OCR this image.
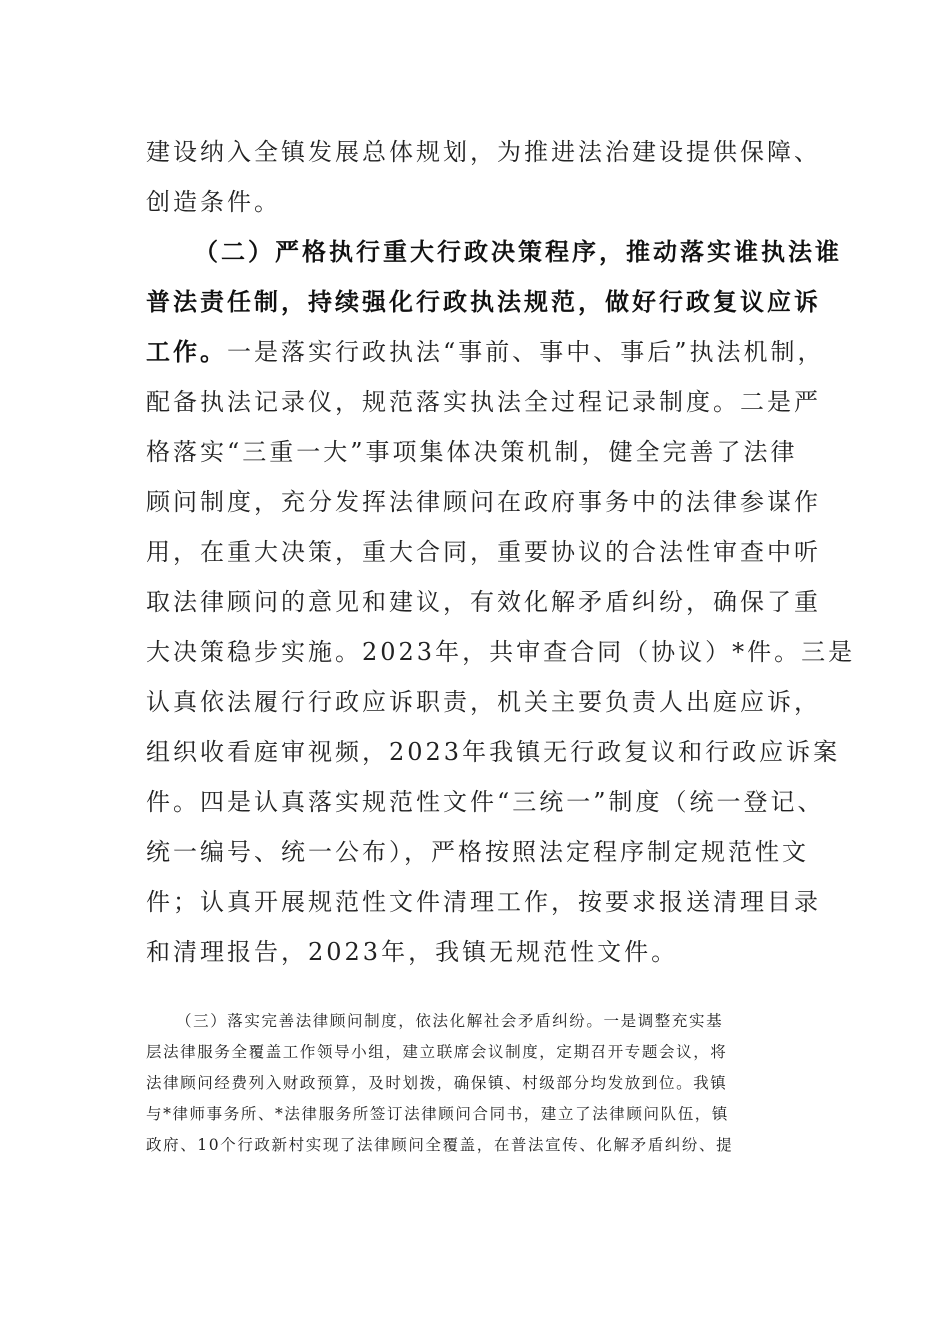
建设纳入全镇发展总体规划，为推进法治建设提供保障、
创造条件。
（二）严格执行重大行政决策程序，推动落实谁执法谁
普法责任制，持续强化行政执法规范，做好行政复议应诉
工作。一是落实行政执法“事前、事中、事后”执法机制，
配备执法记录仪，规范落实执法全过程记录制度。二是严
格落实“三重一大”事项集体决策机制，健全完善了法律
顾问制度，充分发挥法律顾问在政府事务中的法律参谋作
用，在重大决策，重大合同，重要协议的合法性审查中听
取法律顾问的意见和建议，有效化解矛盾纠纷，确保了重
大决策稳步实施。2023年，共审查合同（协议）*件。三是
认真依法履行行政应诉职责，机关主要负责人出庭应诉，
组织收看庭审视频，2023年我镇无行政复议和行政应诉案
件。四是认真落实规范性文件“三统一”制度（统一登记、
统一编号、统一公布），严格按照法定程序制定规范性文
件；认真开展规范性文件清理工作，按要求报送清理目录
和清理报告，2023年，我镇无规范性文件。
（三）落实完善法律顾问制度，依法化解社会矛盾纠纷。一是调整充实基
层法律服务全覆盖工作领导小组，建立联席会议制度，定期召开专题会议，将
法律顾问经费列入财政预算，及时划拨，确保镇、村级部分均发放到位。我镇
与*律师事务所、*法律服务所签订法律顾问合同书，建立了法律顾问队伍，镇
政府、10个行政新村实现了法律顾问全覆盖，在普法宣传、化解矛盾纠纷、提
